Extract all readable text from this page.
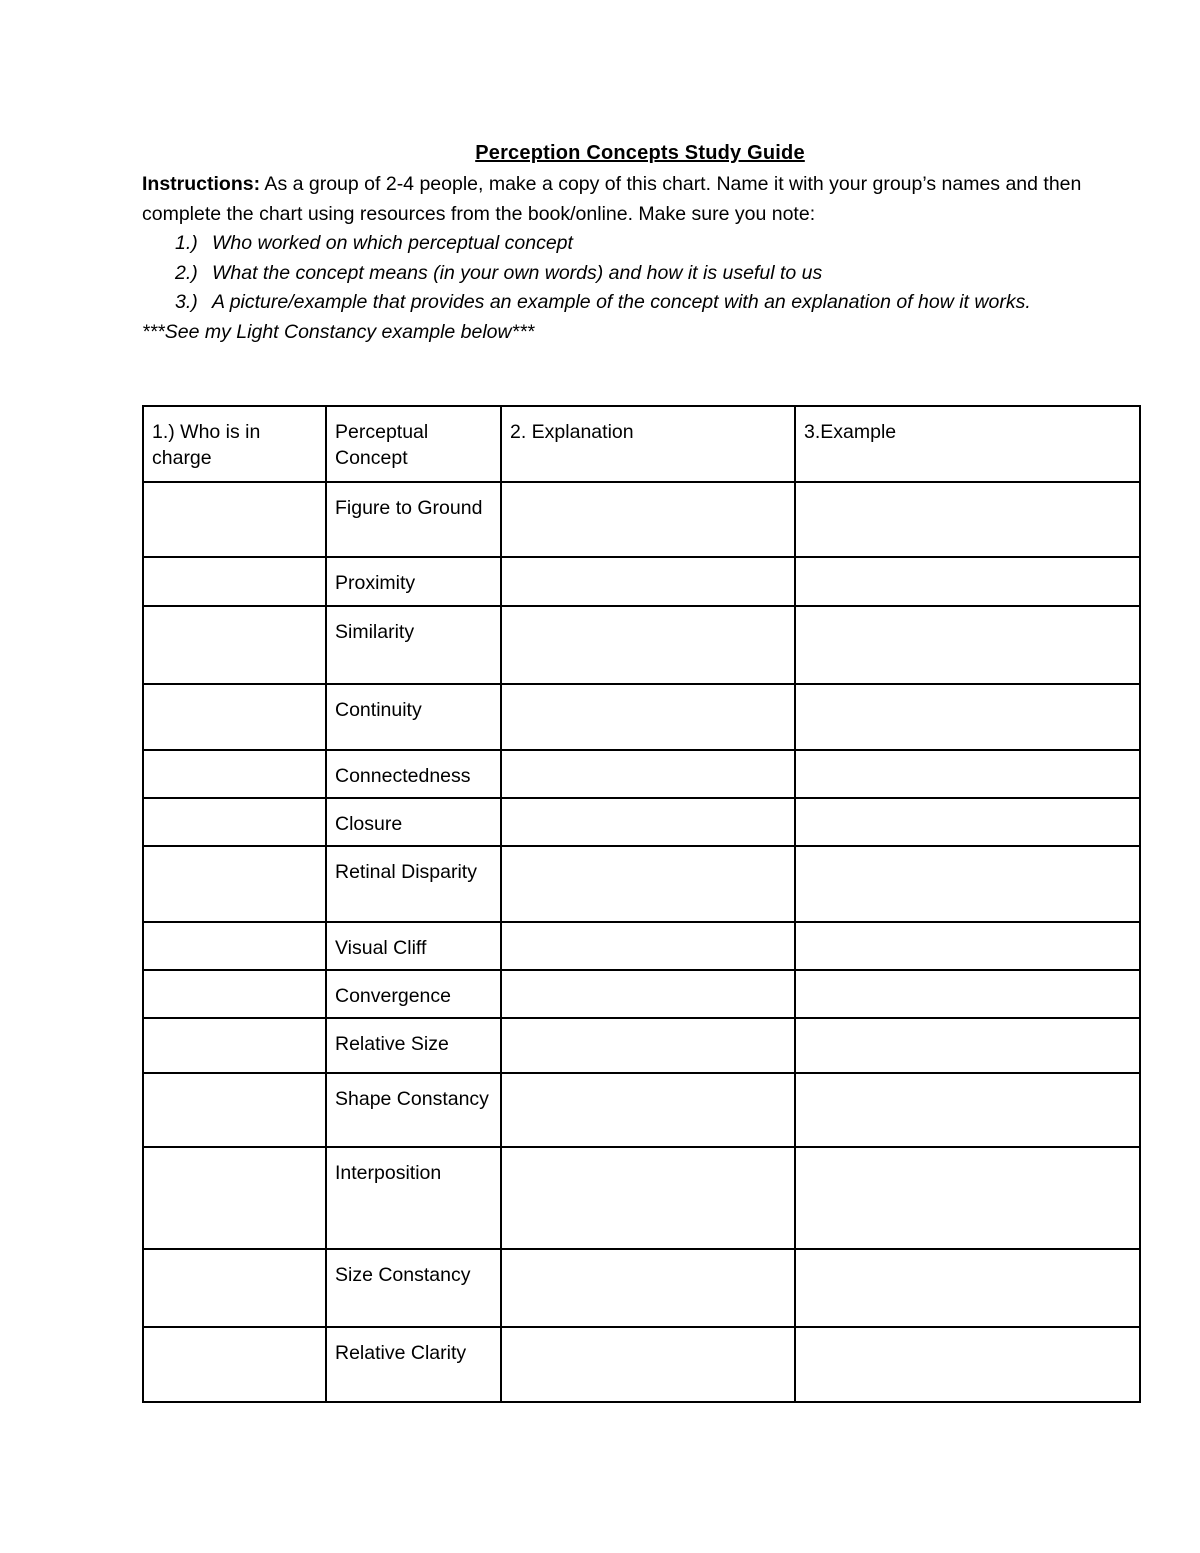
Perception Concepts Study Guide

Instructions: As a group of 2-4 people, make a copy of this chart. Name it with your group’s names and then complete the chart using resources from the book/online. Make sure you note:

1.) Who worked on which perceptual concept
2.) What the concept means (in your own words) and how it is useful to us
3.) A picture/example that provides an example of the concept with an explanation of how it works.

***See my Light Constancy example below***

1.) Who is in charge	Perceptual Concept	2. Explanation	3.Example
	Figure to Ground		
	Proximity		
	Similarity		
	Continuity		
	Connectedness		
	Closure		
	Retinal Disparity		
	Visual Cliff		
	Convergence		
	Relative Size		
	Shape Constancy		
	Interposition		
	Size Constancy		
	Relative Clarity		
